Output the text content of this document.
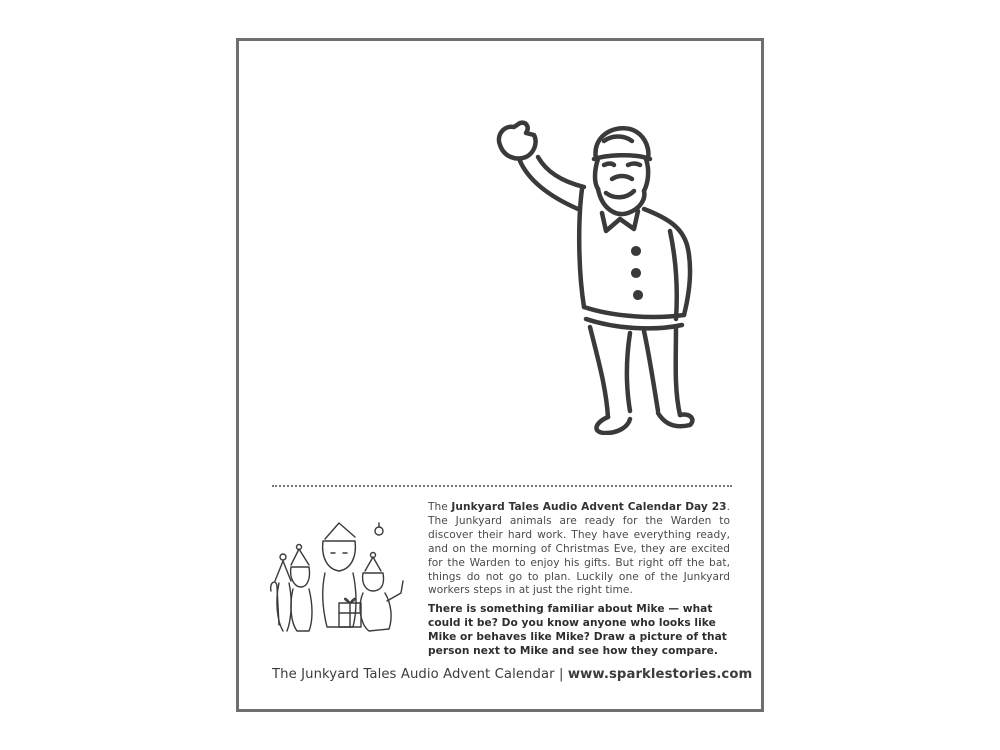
The Junkyard Tales Audio Advent Calendar Day 23. The Junkyard animals are ready for the Warden to discover their hard work. They have everything ready, and on the morning of Christmas Eve, they are excited for the Warden to enjoy his gifts. But right off the bat, things do not go to plan. Luckily one of the Junkyard workers steps in at just the right time.

There is something familiar about Mike — what could it be? Do you know anyone who looks like Mike or behaves like Mike? Draw a picture of that person next to Mike and see how they compare.

The Junkyard Tales Audio Advent Calendar | www.sparklestories.com
